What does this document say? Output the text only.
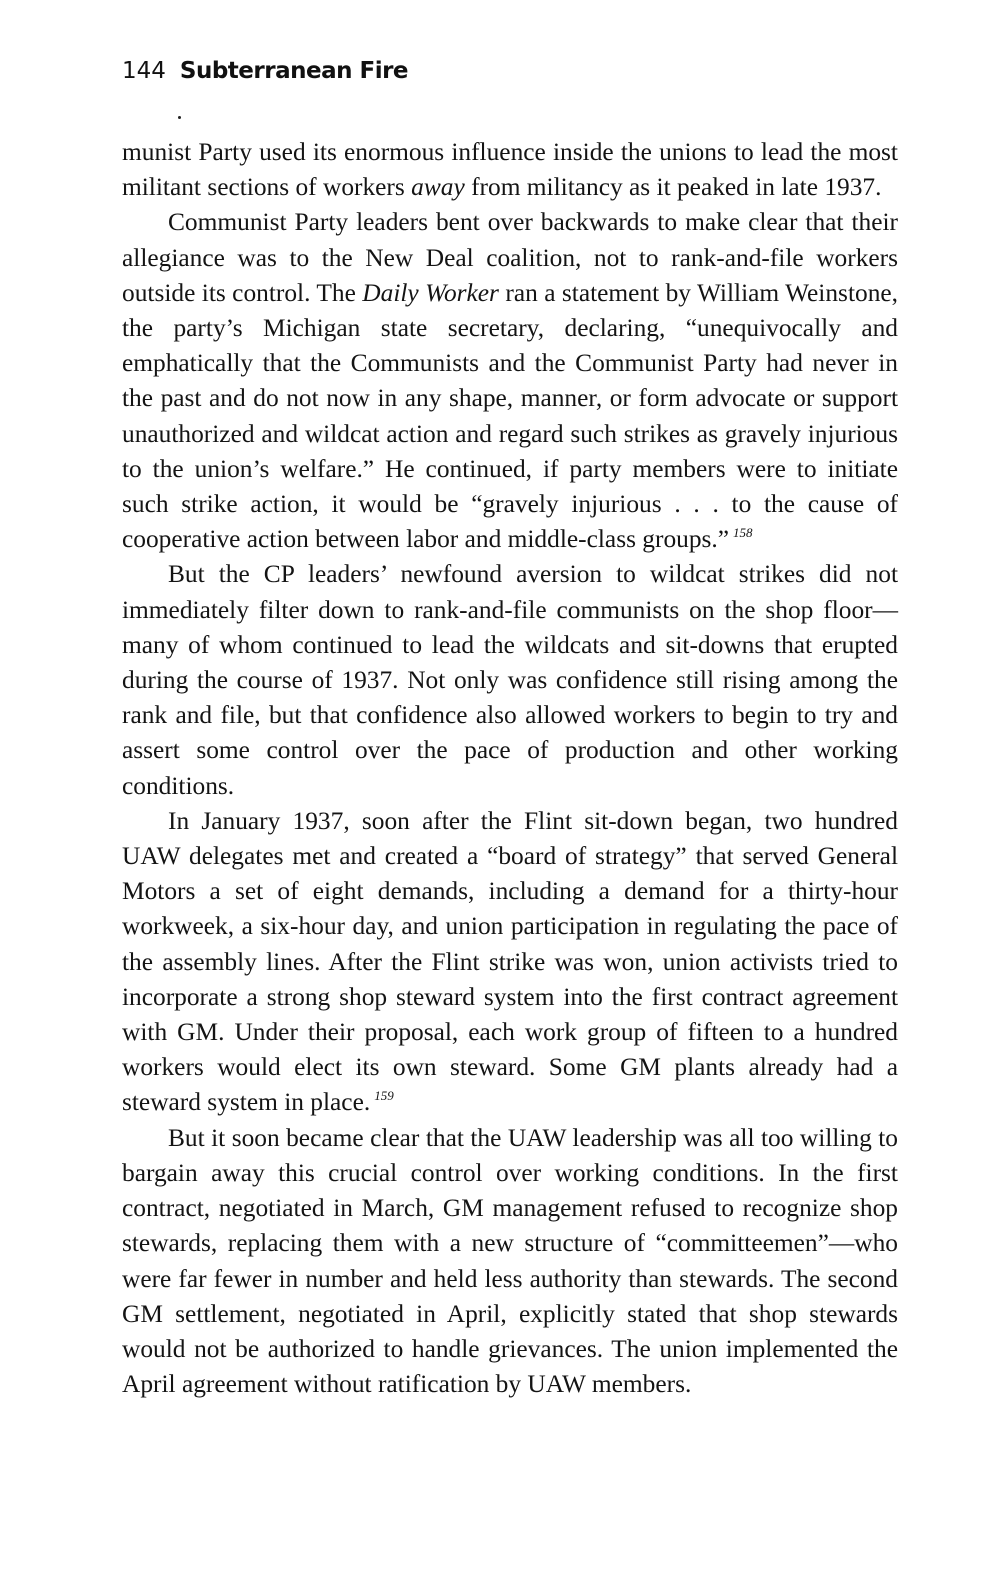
144 Subterranean Fire

munist Party used its enormous influence inside the unions to lead the most militant sections of workers away from militancy as it peaked in late 1937.

Communist Party leaders bent over backwards to make clear that their allegiance was to the New Deal coalition, not to rank-and-file workers outside its control. The Daily Worker ran a statement by William Weinstone, the party’s Michigan state secretary, declaring, “unequivocally and emphatically that the Communists and the Communist Party had never in the past and do not now in any shape, manner, or form advocate or support unauthorized and wildcat action and regard such strikes as gravely injurious to the union’s welfare.” He continued, if party members were to initiate such strike action, it would be “gravely injurious . . . to the cause of cooperative action between labor and middle-class groups.” $^{158}$

But the CP leaders’ newfound aversion to wildcat strikes did not immediately filter down to rank-and-file communists on the shop floor—many of whom continued to lead the wildcats and sit-downs that erupted during the course of 1937. Not only was confidence still rising among the rank and file, but that confidence also allowed workers to begin to try and assert some control over the pace of production and other working conditions.

In January 1937, soon after the Flint sit-down began, two hundred UAW delegates met and created a “board of strategy” that served General Motors a set of eight demands, including a demand for a thirty-hour workweek, a six-hour day, and union participation in regulating the pace of the assembly lines. After the Flint strike was won, union activists tried to incorporate a strong shop steward system into the first contract agreement with GM. Under their proposal, each work group of fifteen to a hundred workers would elect its own steward. Some GM plants already had a steward system in place. $^{159}$

But it soon became clear that the UAW leadership was all too willing to bargain away this crucial control over working conditions. In the first contract, negotiated in March, GM management refused to recognize shop stewards, replacing them with a new structure of “committeemen”—who were far fewer in number and held less authority than stewards. The second GM settlement, negotiated in April, explicitly stated that shop stewards would not be authorized to handle grievances. The union implemented the April agreement without ratification by UAW members.
